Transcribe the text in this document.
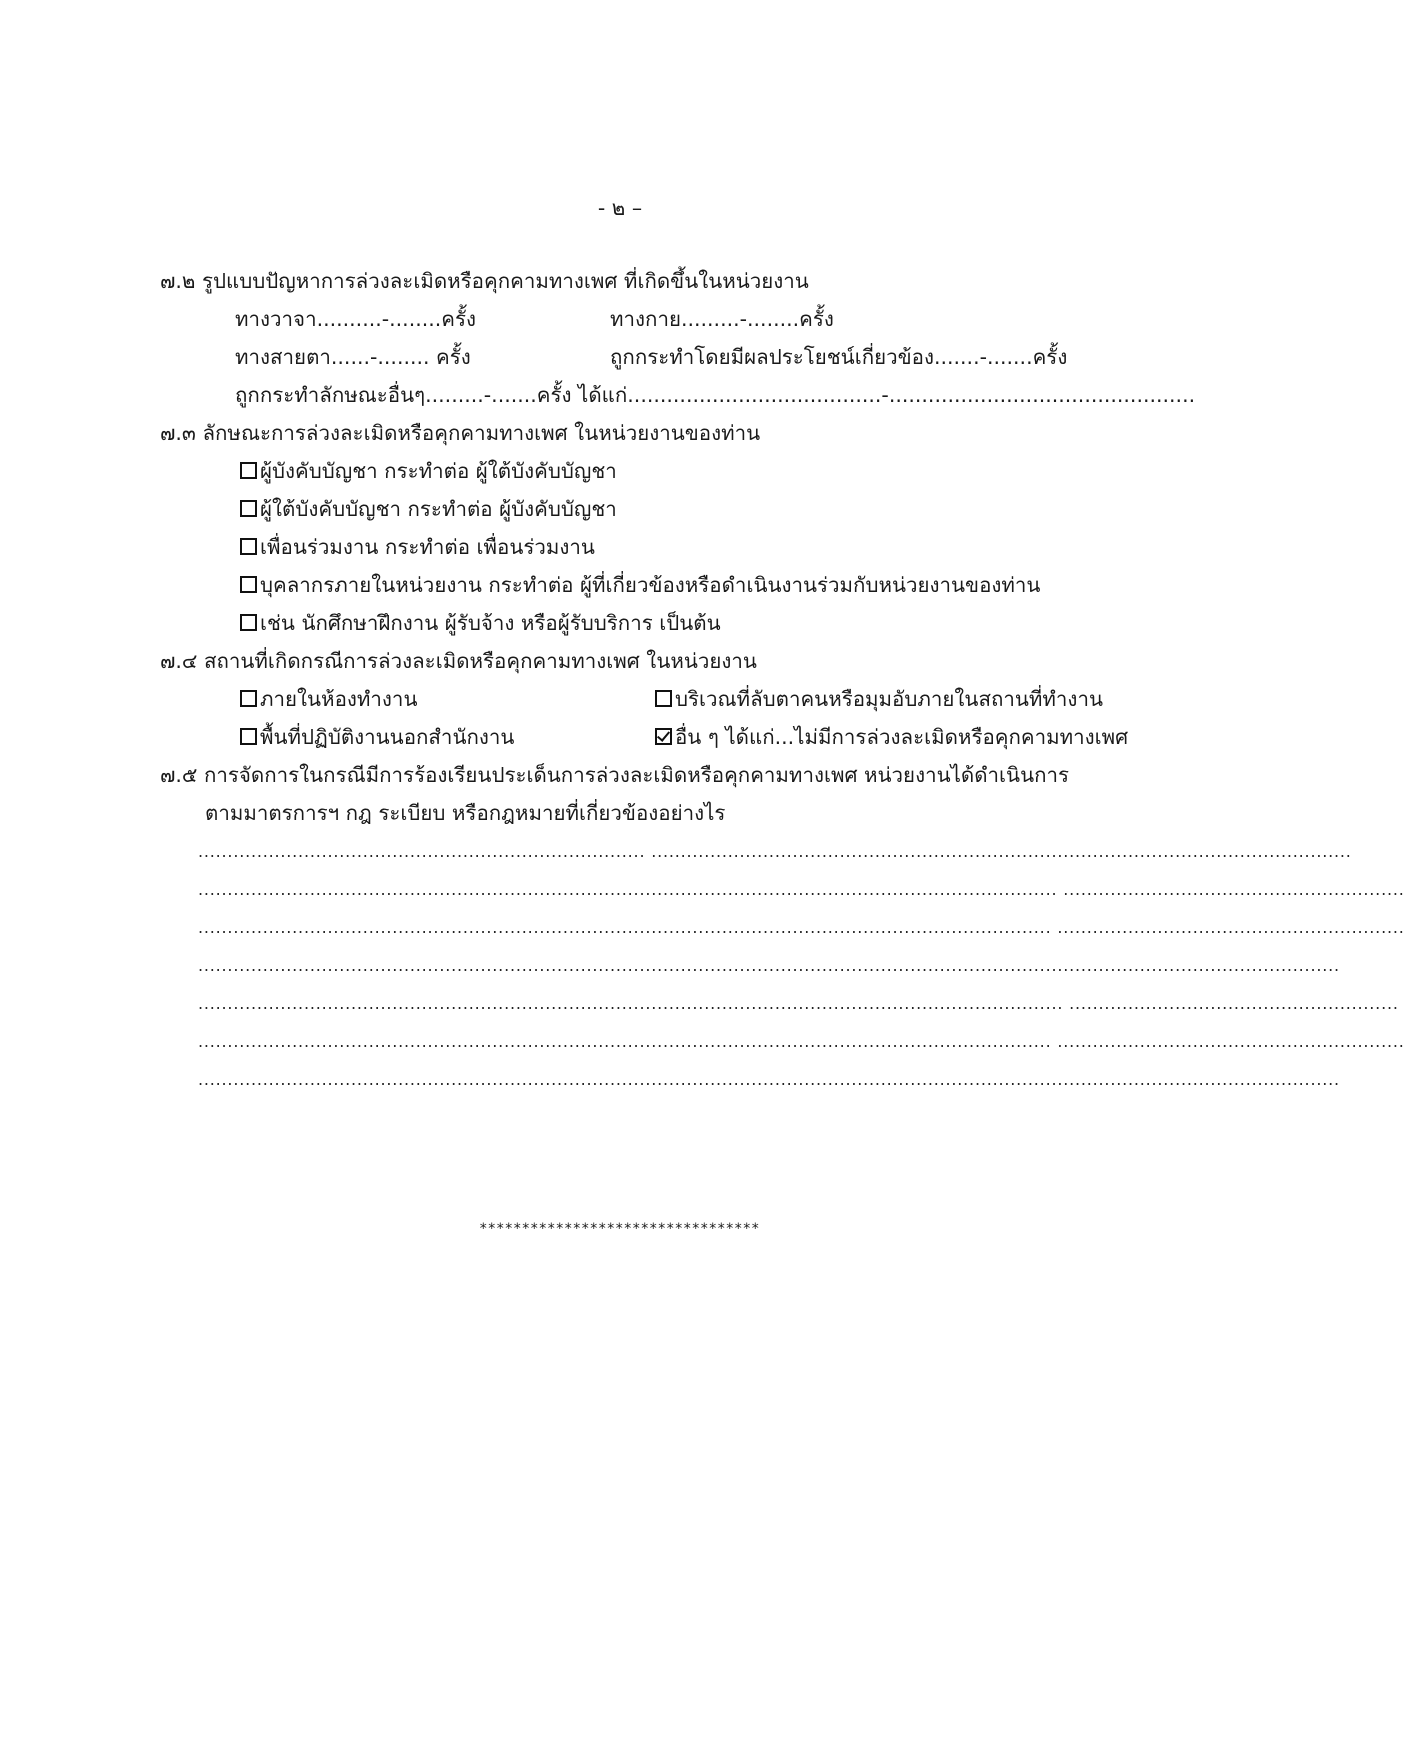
- ๒ –
๗.๒ รูปแบบปัญหาการล่วงละเมิดหรือคุกคามทางเพศ ที่เกิดขึ้นในหน่วยงาน
ทางวาจา..........-........ครั้ง	ทางกาย.........-........ครั้ง
ทางสายตา......-........ ครั้ง	ถูกกระทำโดยมีผลประโยชน์เกี่ยวข้อง.......-.......ครั้ง
ถูกกระทำลักษณะอื่นๆ.........-.......ครั้ง ได้แก่.......................................-...............................................
๗.๓ ลักษณะการล่วงละเมิดหรือคุกคามทางเพศ ในหน่วยงานของท่าน
ผู้บังคับบัญชา กระทำต่อ ผู้ใต้บังคับบัญชา
ผู้ใต้บังคับบัญชา กระทำต่อ ผู้บังคับบัญชา
เพื่อนร่วมงาน กระทำต่อ เพื่อนร่วมงาน
บุคลากรภายในหน่วยงาน กระทำต่อ ผู้ที่เกี่ยวข้องหรือดำเนินงานร่วมกับหน่วยงานของท่าน
เช่น นักศึกษาฝึกงาน ผู้รับจ้าง หรือผู้รับบริการ เป็นต้น
๗.๔ สถานที่เกิดกรณีการล่วงละเมิดหรือคุกคามทางเพศ ในหน่วยงาน
ภายในห้องทำงาน	บริเวณที่ลับตาคนหรือมุมอับภายในสถานที่ทำงาน
พื้นที่ปฏิบัติงานนอกสำนักงาน	อื่น ๆ ได้แก่...ไม่มีการล่วงละเมิดหรือคุกคามทางเพศ
๗.๕ การจัดการในกรณีมีการร้องเรียนประเด็นการล่วงละเมิดหรือคุกคามทางเพศ หน่วยงานได้ดำเนินการ
ตามมาตรการฯ กฎ ระเบียบ หรือกฎหมายที่เกี่ยวข้องอย่างไร
............................................................................ .......................................................................................................................
.................................................................................................................................................. ..........................................................
................................................................................................................................................. ...........................................................
..................................................................................................................................................................................................
................................................................................................................................................... ........................................................
................................................................................................................................................. ...........................................................
..................................................................................................................................................................................................
*********************************
